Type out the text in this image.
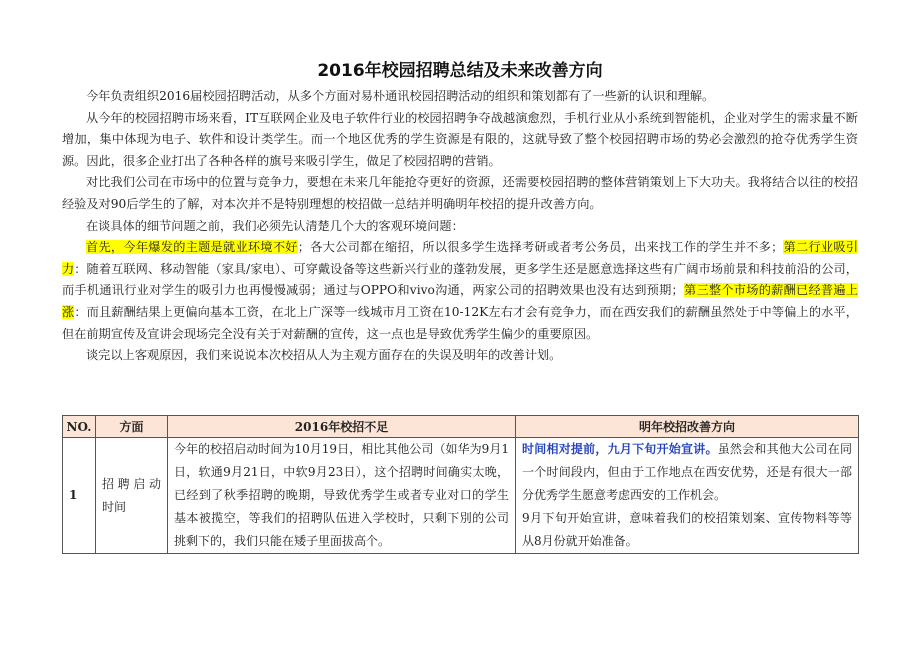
2016年校园招聘总结及未来改善方向

今年负责组织2016届校园招聘活动，从多个方面对易朴通讯校园招聘活动的组织和策划都有了一些新的认识和理解。

从今年的校园招聘市场来看，IT互联网企业及电子软件行业的校园招聘争夺战越演愈烈，手机行业从小系统到智能机，企业对学生的需求量不断增加，集中体现为电子、软件和设计类学生。而一个地区优秀的学生资源是有限的，这就导致了整个校园招聘市场的势必会激烈的抢夺优秀学生资源。因此，很多企业打出了各种各样的旗号来吸引学生，做足了校园招聘的营销。

对比我们公司在市场中的位置与竞争力，要想在未来几年能抢夺更好的资源，还需要校园招聘的整体营销策划上下大功夫。我将结合以往的校招经验及对90后学生的了解，对本次并不是特别理想的校招做一总结并明确明年校招的提升改善方向。

在谈具体的细节问题之前，我们必须先认清楚几个大的客观环境问题：

首先，今年爆发的主题是就业环境不好；各大公司都在缩招，所以很多学生选择考研或者考公务员，出来找工作的学生并不多；第二行业吸引力：随着互联网、移动智能（家具/家电）、可穿戴设备等这些新兴行业的蓬勃发展，更多学生还是愿意选择这些有广阔市场前景和科技前沿的公司，而手机通讯行业对学生的吸引力也再慢慢减弱；通过与OPPO和vivo沟通，两家公司的招聘效果也没有达到预期；第三整个市场的薪酬已经普遍上涨：而且薪酬结果上更偏向基本工资，在北上广深等一线城市月工资在10-12K左右才会有竞争力，而在西安我们的薪酬虽然处于中等偏上的水平，但在前期宣传及宣讲会现场完全没有关于对薪酬的宣传，这一点也是导致优秀学生偏少的重要原因。

谈完以上客观原因，我们来说说本次校招从人为主观方面存在的失误及明年的改善计划。

NO.	方面	2016年校招不足	明年校招改善方向
1	招聘启动时间	今年的校招启动时间为10月19日，相比其他公司（如华为9月1日，软通9月21日，中软9月23日），这个招聘时间确实太晚，已经到了秋季招聘的晚期，导致优秀学生或者专业对口的学生基本被揽空，等我们的招聘队伍进入学校时，只剩下別的公司挑剩下的，我们只能在矮子里面拔高个。	时间相对提前，九月下旬开始宣讲。虽然会和其他大公司在同一个时间段内，但由于工作地点在西安优势，还是有很大一部分优秀学生愿意考虑西安的工作机会。
9月下旬开始宣讲，意味着我们的校招策划案、宣传物料等等从8月份就开始准备。
